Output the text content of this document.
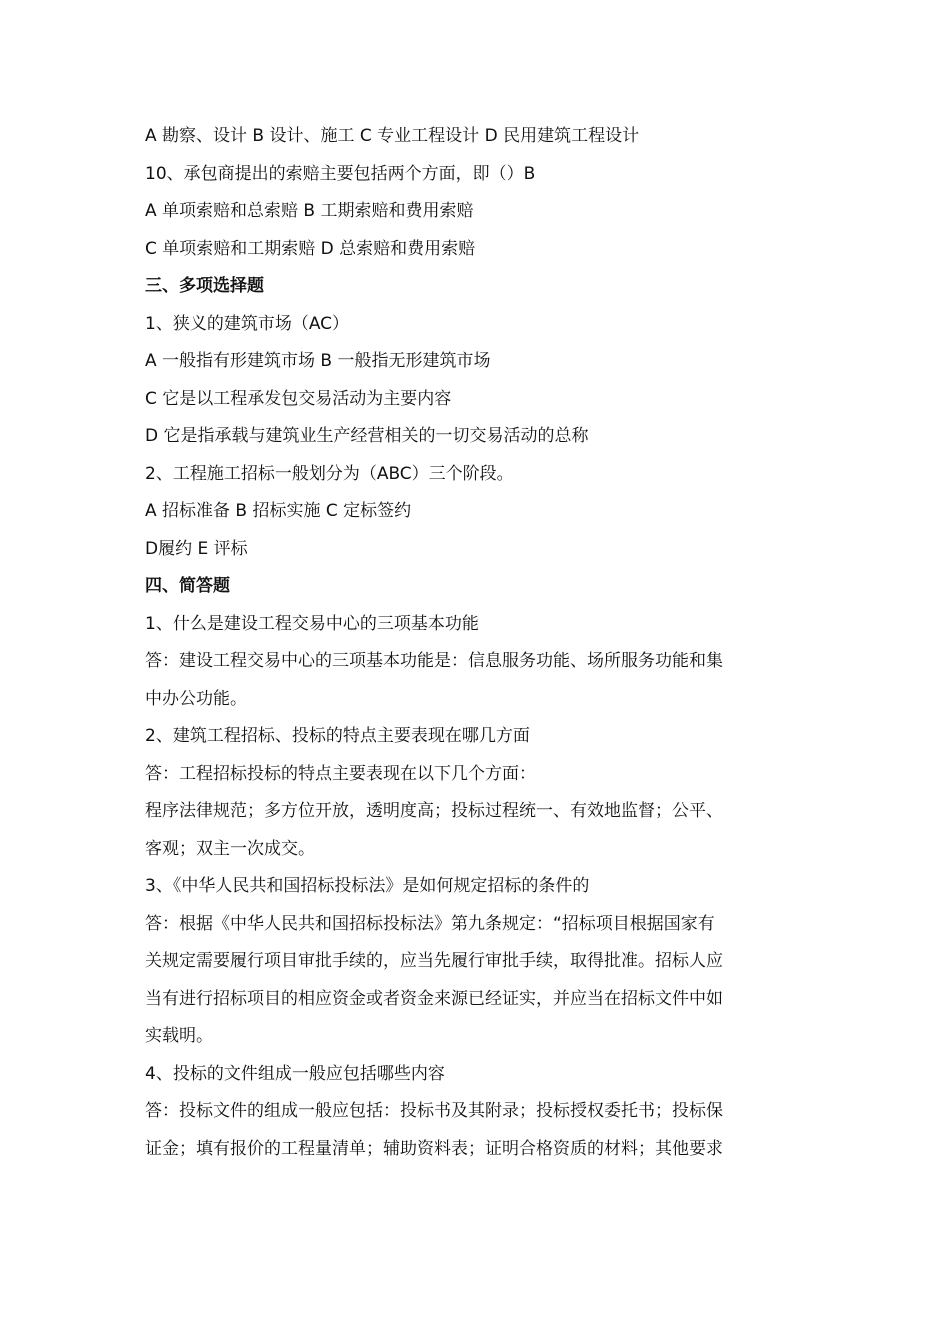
A 勘察、设计 B 设计、施工 C 专业工程设计 D 民用建筑工程设计
10、承包商提出的索赔主要包括两个方面，即（）B
A 单项索赔和总索赔 B 工期索赔和费用索赔
C 单项索赔和工期索赔 D 总索赔和费用索赔
三、多项选择题
1、狭义的建筑市场（AC）
A 一般指有形建筑市场 B 一般指无形建筑市场
C 它是以工程承发包交易活动为主要内容
D 它是指承载与建筑业生产经营相关的一切交易活动的总称
2、工程施工招标一般划分为（ABC）三个阶段。
A 招标准备 B 招标实施 C 定标签约
D履约 E 评标
四、简答题
1、什么是建设工程交易中心的三项基本功能
答：建设工程交易中心的三项基本功能是：信息服务功能、场所服务功能和集
中办公功能。
2、建筑工程招标、投标的特点主要表现在哪几方面
答：工程招标投标的特点主要表现在以下几个方面：
程序法律规范；多方位开放，透明度高；投标过程统一、有效地监督；公平、
客观；双主一次成交。
3、《中华人民共和国招标投标法》是如何规定招标的条件的
答：根据《中华人民共和国招标投标法》第九条规定：“招标项目根据国家有
关规定需要履行项目审批手续的，应当先履行审批手续，取得批准。招标人应
当有进行招标项目的相应资金或者资金来源已经证实，并应当在招标文件中如
实载明。
4、投标的文件组成一般应包括哪些内容
答：投标文件的组成一般应包括：投标书及其附录；投标授权委托书；投标保
证金；填有报价的工程量清单；辅助资料表；证明合格资质的材料；其他要求
